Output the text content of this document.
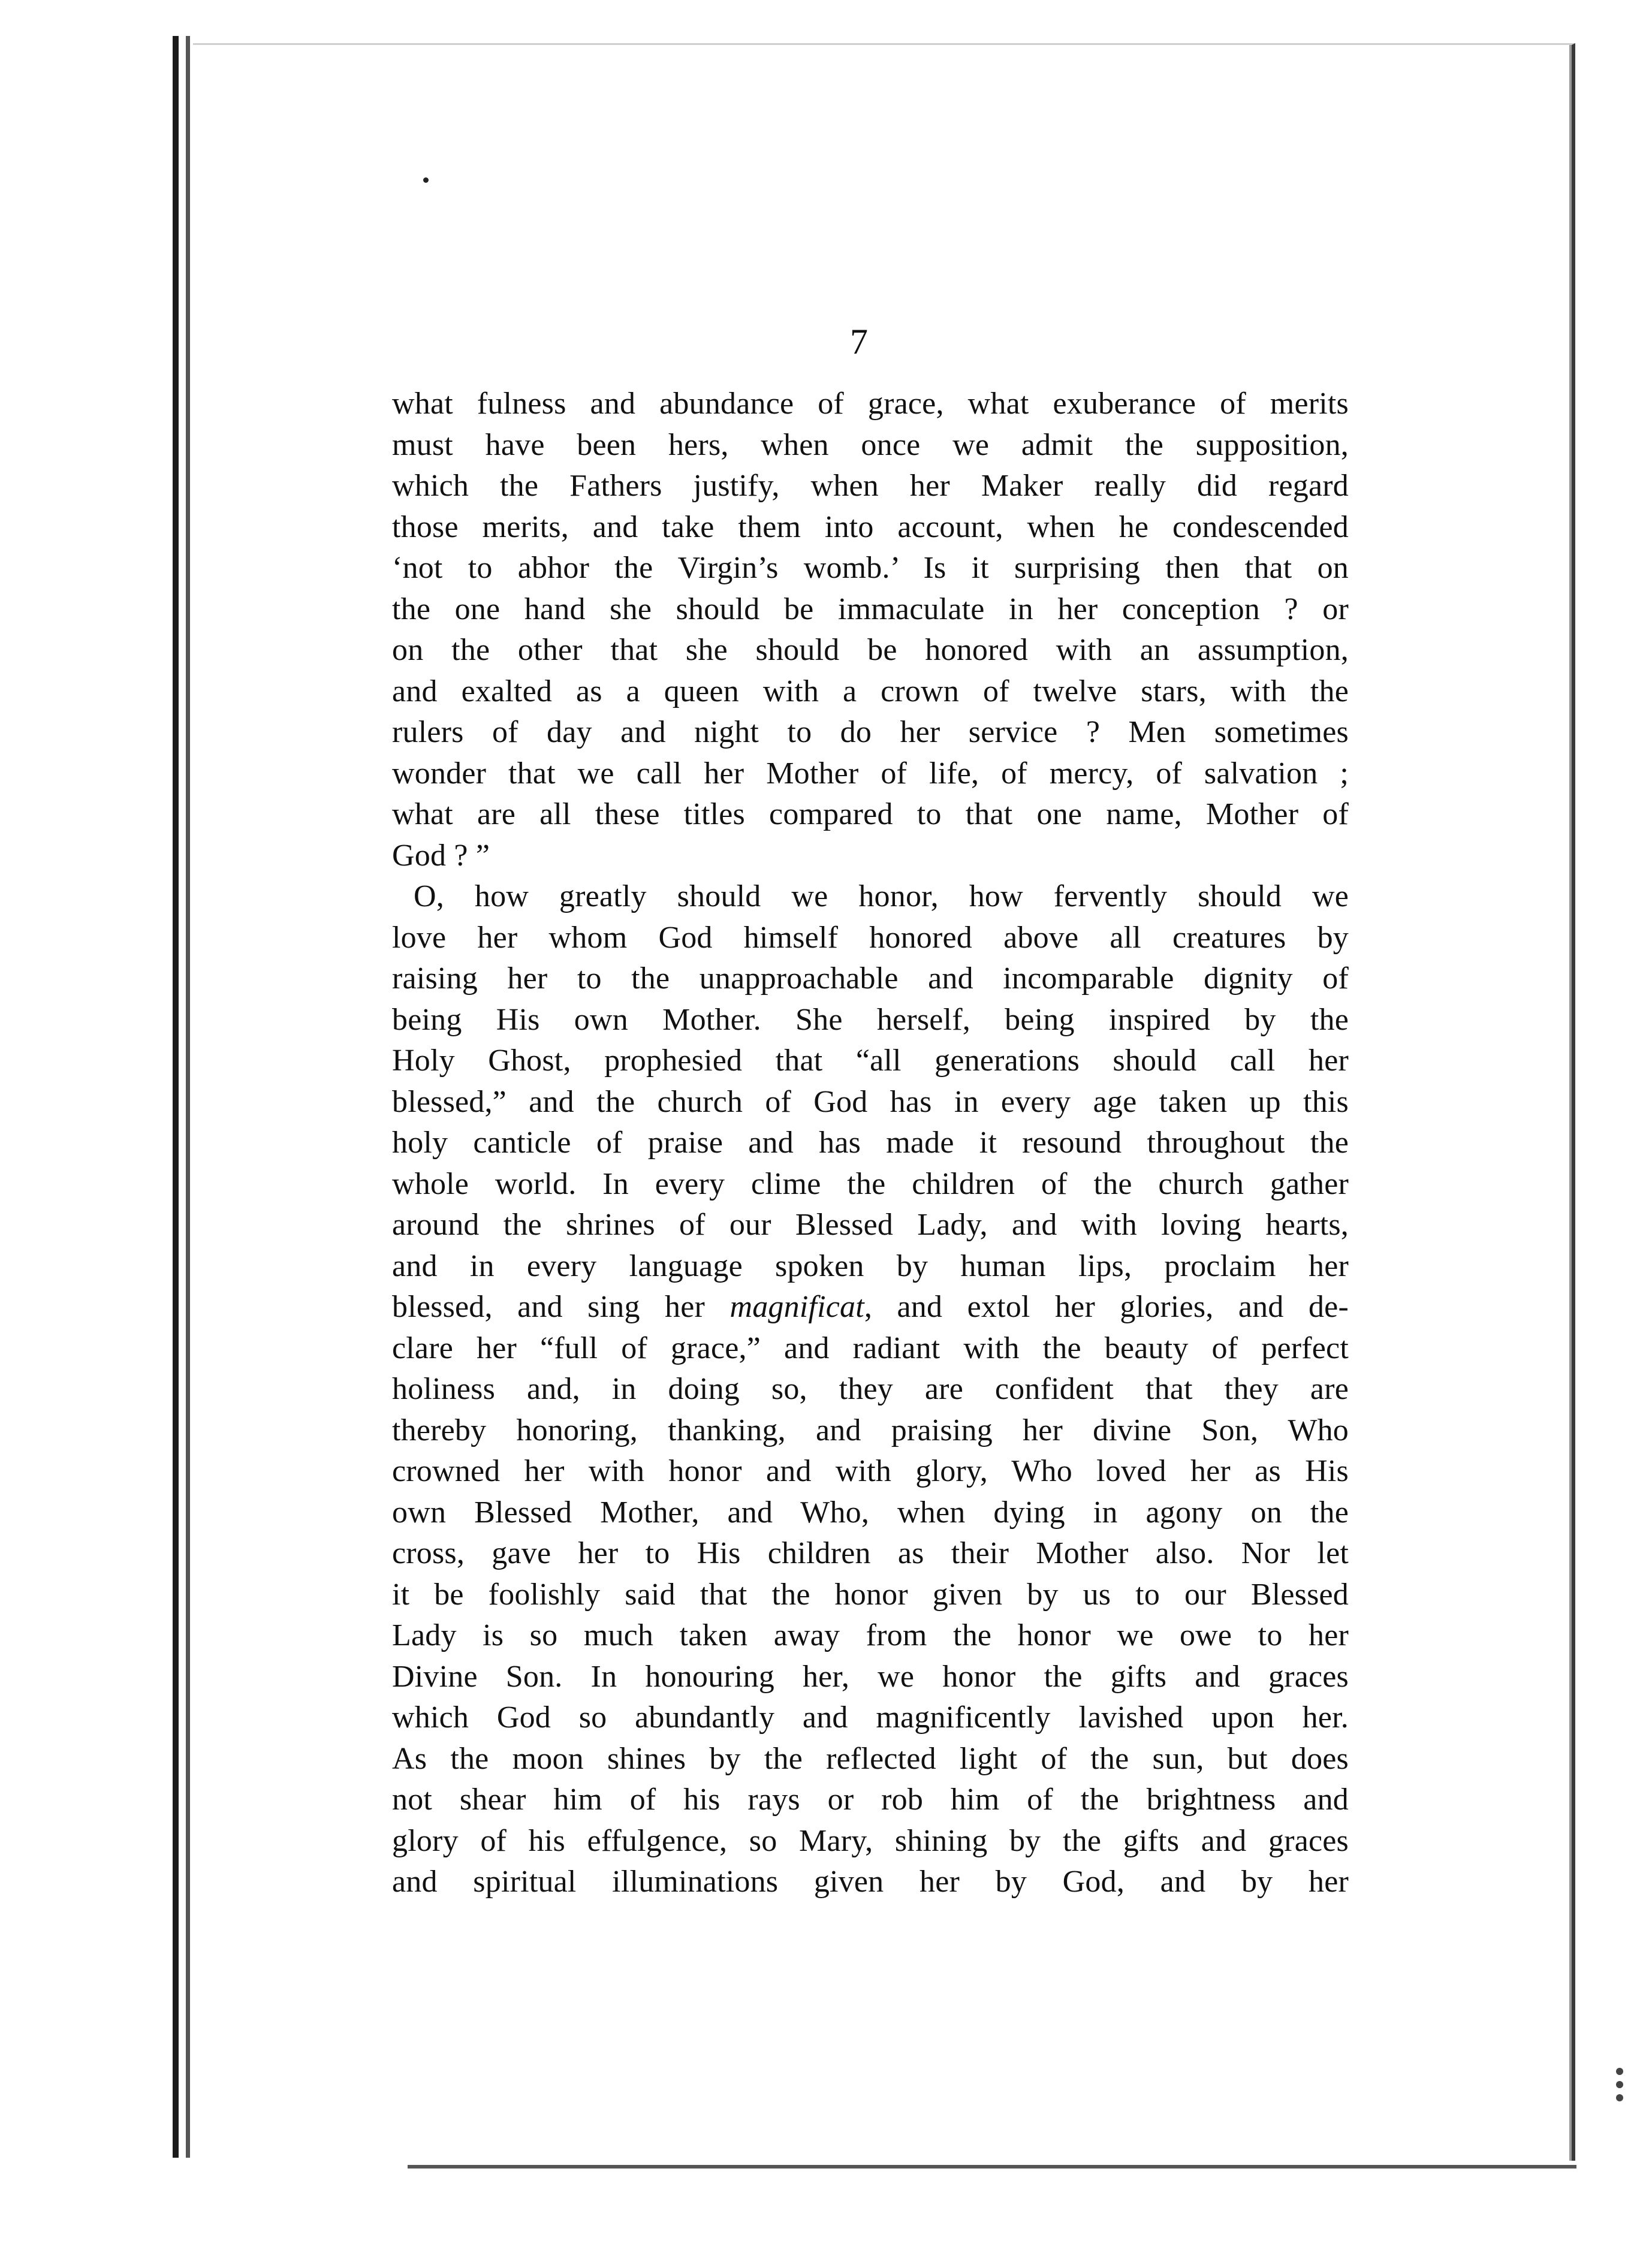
7
what fulness and abundance of grace, what exuberance of merits
must have been hers, when once we admit the supposition,
which the Fathers justify, when her Maker really did regard
those merits, and take them into account, when he condescended
‘not to abhor the Virgin’s womb.’ Is it surprising then that on
the one hand she should be immaculate in her conception ? or
on the other that she should be honored with an assumption,
and exalted as a queen with a crown of twelve stars, with the
rulers of day and night to do her service ? Men sometimes
wonder that we call her Mother of life, of mercy, of salvation ;
what are all these titles compared to that one name, Mother of
God ? ”
O, how greatly should we honor, how fervently should we
love her whom God himself honored above all creatures by
raising her to the unapproachable and incomparable dignity of
being His own Mother. She herself, being inspired by the
Holy Ghost, prophesied that “all generations should call her
blessed,” and the church of God has in every age taken up this
holy canticle of praise and has made it resound throughout the
whole world. In every clime the children of the church gather
around the shrines of our Blessed Lady, and with loving hearts,
and in every language spoken by human lips, proclaim her
blessed, and sing her magnificat, and extol her glories, and de-
clare her “full of grace,” and radiant with the beauty of perfect
holiness and, in doing so, they are confident that they are
thereby honoring, thanking, and praising her divine Son, Who
crowned her with honor and with glory, Who loved her as His
own Blessed Mother, and Who, when dying in agony on the
cross, gave her to His children as their Mother also. Nor let
it be foolishly said that the honor given by us to our Blessed
Lady is so much taken away from the honor we owe to her
Divine Son. In honouring her, we honor the gifts and graces
which God so abundantly and magnificently lavished upon her.
As the moon shines by the reflected light of the sun, but does
not shear him of his rays or rob him of the brightness and
glory of his effulgence, so Mary, shining by the gifts and graces
and spiritual illuminations given her by God, and by her
